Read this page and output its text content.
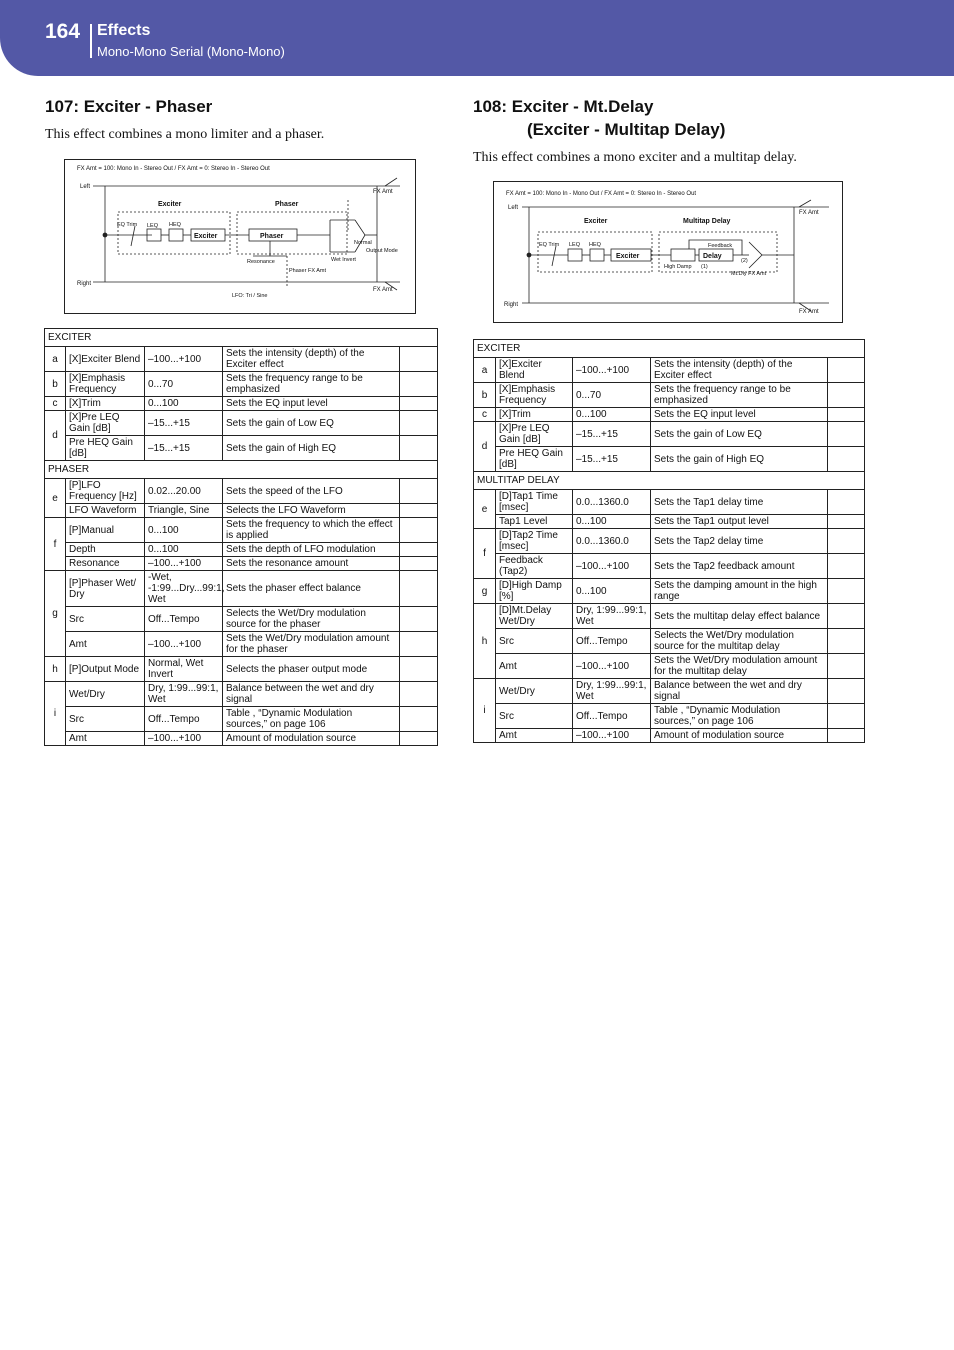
164 Effects
Mono-Mono Serial (Mono-Mono)
107: Exciter - Phaser
This effect combines a mono limiter and a phaser.
FX Amt = 100: Mono In - Stereo Out / FX Amt = 0: Stereo In - Stereo Out
Left
Right
FX Amt
FX Amt
Exciter	Phaser
EQ Trim LEQ HEQ
Exciter	Phaser
Resonance
Normal
Wet Invert
Output Mode
Phaser FX Amt
LFO: Tri / Sine
EXCITER				
a	[X]Exciter Blend	–100...+100	Sets the intensity (depth) of the Exciter effect	
b	[X]Emphasis Frequency	0...70	Sets the frequency range to be emphasized	
c	[X]Trim	0...100	Sets the EQ input level	
d	[X]Pre LEQ Gain [dB]	–15...+15	Sets the gain of Low EQ	
	Pre HEQ Gain [dB]	–15...+15	Sets the gain of High EQ	
PHASER				
e	[P]LFO Frequency [Hz]	0.02...20.00	Sets the speed of the LFO	
	LFO Waveform	Triangle, Sine	Selects the LFO Waveform	
f	[P]Manual	0...100	Sets the frequency to which the effect is applied	
	Depth	0...100	Sets the depth of LFO modulation	
	Resonance	–100...+100	Sets the resonance amount	
g	[P]Phaser Wet/ Dry	-Wet, -1:99...Dry...99:1, Wet	Sets the phaser effect balance	
	Src	Off...Tempo	Selects the Wet/Dry modulation source for the phaser	
	Amt	–100...+100	Sets the Wet/Dry modulation amount for the phaser	
h	[P]Output Mode	Normal, Wet Invert	Selects the phaser output mode	
i	Wet/Dry	Dry, 1:99...99:1, Wet	Balance between the wet and dry signal	
	Src	Off...Tempo	Table , “Dynamic Modulation sources,” on page 106	
	Amt	–100...+100	Amount of modulation source	
108: Exciter - Mt.Delay
(Exciter - Multitap Delay)
This effect combines a mono exciter and a multitap delay.
FX Amt = 100: Mono In - Mono Out / FX Amt = 0: Stereo In - Stereo Out
Left
Right
FX Amt
FX Amt
Exciter	Multitap Delay
EQ Trim LEQ HEQ
Exciter	Delay
Feedback
High Damp (1)
(2)
Mt.Dly FX Amt
EXCITER				
a	[X]Exciter Blend	–100...+100	Sets the intensity (depth) of the Exciter effect	
b	[X]Emphasis Frequency	0...70	Sets the frequency range to be emphasized	
c	[X]Trim	0...100	Sets the EQ input level	
d	[X]Pre LEQ Gain [dB]	–15...+15	Sets the gain of Low EQ	
	Pre HEQ Gain [dB]	–15...+15	Sets the gain of High EQ	
MULTITAP DELAY				
e	[D]Tap1 Time [msec]	0.0...1360.0	Sets the Tap1 delay time	
	Tap1 Level	0...100	Sets the Tap1 output level	
f	[D]Tap2 Time [msec]	0.0...1360.0	Sets the Tap2 delay time	
	Feedback (Tap2)	–100...+100	Sets the Tap2 feedback amount	
g	[D]High Damp [%]	0...100	Sets the damping amount in the high range	
h	[D]Mt.Delay Wet/Dry	Dry, 1:99...99:1, Wet	Sets the multitap delay effect balance	
	Src	Off...Tempo	Selects the Wet/Dry modulation source for the multitap delay	
	Amt	–100...+100	Sets the Wet/Dry modulation amount for the multitap delay	
i	Wet/Dry	Dry, 1:99...99:1, Wet	Balance between the wet and dry signal	
	Src	Off...Tempo	Table , “Dynamic Modulation sources,” on page 106	
	Amt	–100...+100	Amount of modulation source	
